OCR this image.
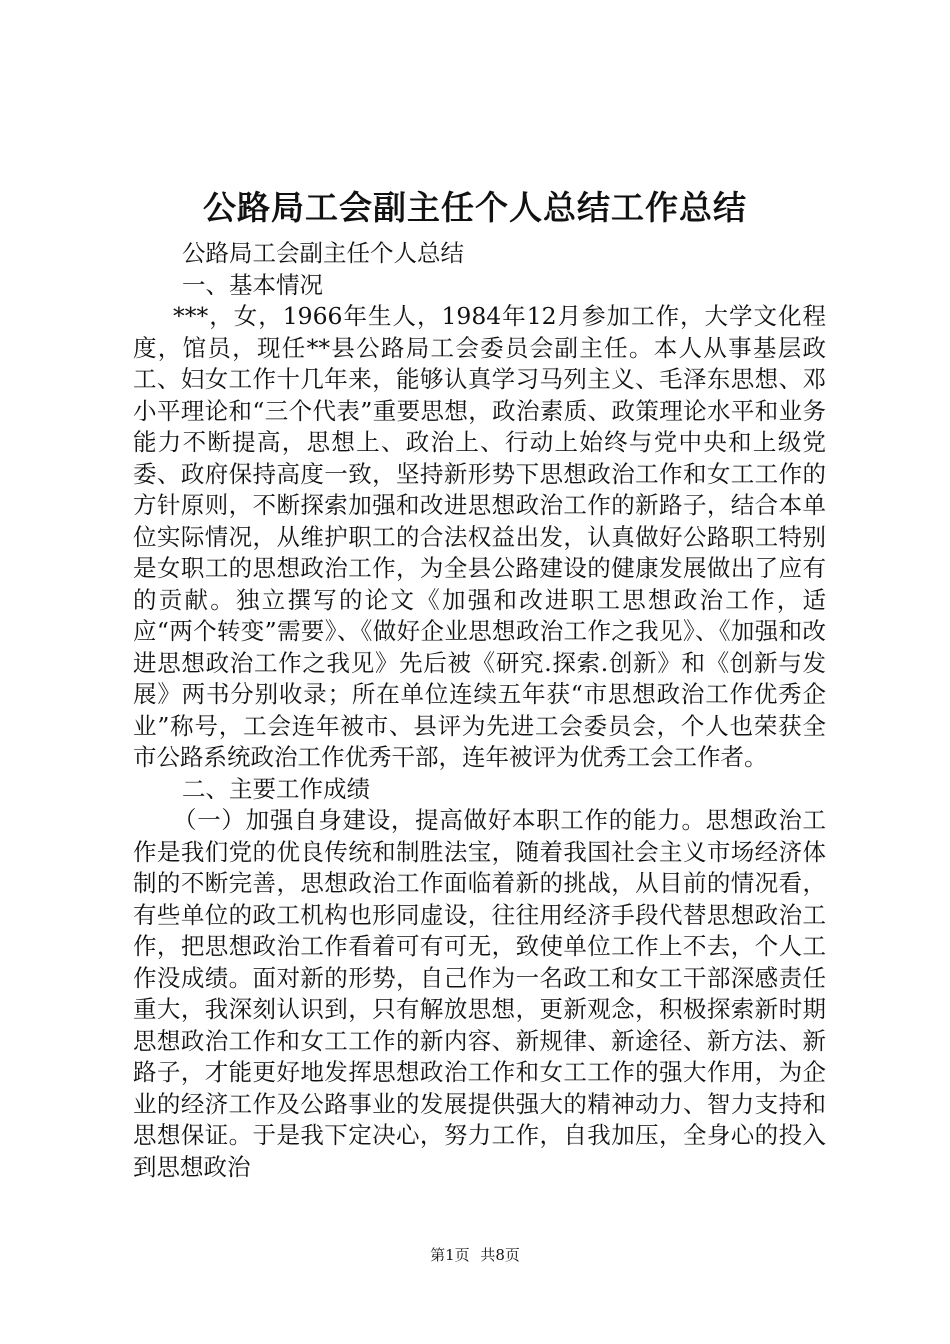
公路局工会副主任个人总结工作总结

公路局工会副主任个人总结

一、基本情况

***，女，1966年生人，1984年12月参加工作，大学文化程度，馆员，现任**县公路局工会委员会副主任。本人从事基层政工、妇女工作十几年来，能够认真学习马列主义、毛泽东思想、邓小平理论和“三个代表”重要思想，政治素质、政策理论水平和业务能力不断提高，思想上、政治上、行动上始终与党中央和上级党委、政府保持高度一致，坚持新形势下思想政治工作和女工工作的方针原则，不断探索加强和改进思想政治工作的新路子，结合本单位实际情况，从维护职工的合法权益出发，认真做好公路职工特别是女职工的思想政治工作，为全县公路建设的健康发展做出了应有的贡献。独立撰写的论文《加强和改进职工思想政治工作，适应“两个转变”需要》、《做好企业思想政治工作之我见》、《加强和改进思想政治工作之我见》先后被《研究.探索.创新》和《创新与发展》两书分别收录；所在单位连续五年获“市思想政治工作优秀企业”称号，工会连年被市、县评为先进工会委员会，个人也荣获全市公路系统政治工作优秀干部，连年被评为优秀工会工作者。

二、主要工作成绩

（一）加强自身建设，提高做好本职工作的能力。思想政治工作是我们党的优良传统和制胜法宝，随着我国社会主义市场经济体制的不断完善，思想政治工作面临着新的挑战，从目前的情况看，有些单位的政工机构也形同虚设，往往用经济手段代替思想政治工作，把思想政治工作看着可有可无，致使单位工作上不去，个人工作没成绩。面对新的形势，自己作为一名政工和女工干部深感责任重大，我深刻认识到，只有解放思想，更新观念，积极探索新时期思想政治工作和女工工作的新内容、新规律、新途径、新方法、新路子，才能更好地发挥思想政治工作和女工工作的强大作用，为企业的经济工作及公路事业的发展提供强大的精神动力、智力支持和思想保证。于是我下定决心，努力工作，自我加压，全身心的投入到思想政治

第1页 共8页
